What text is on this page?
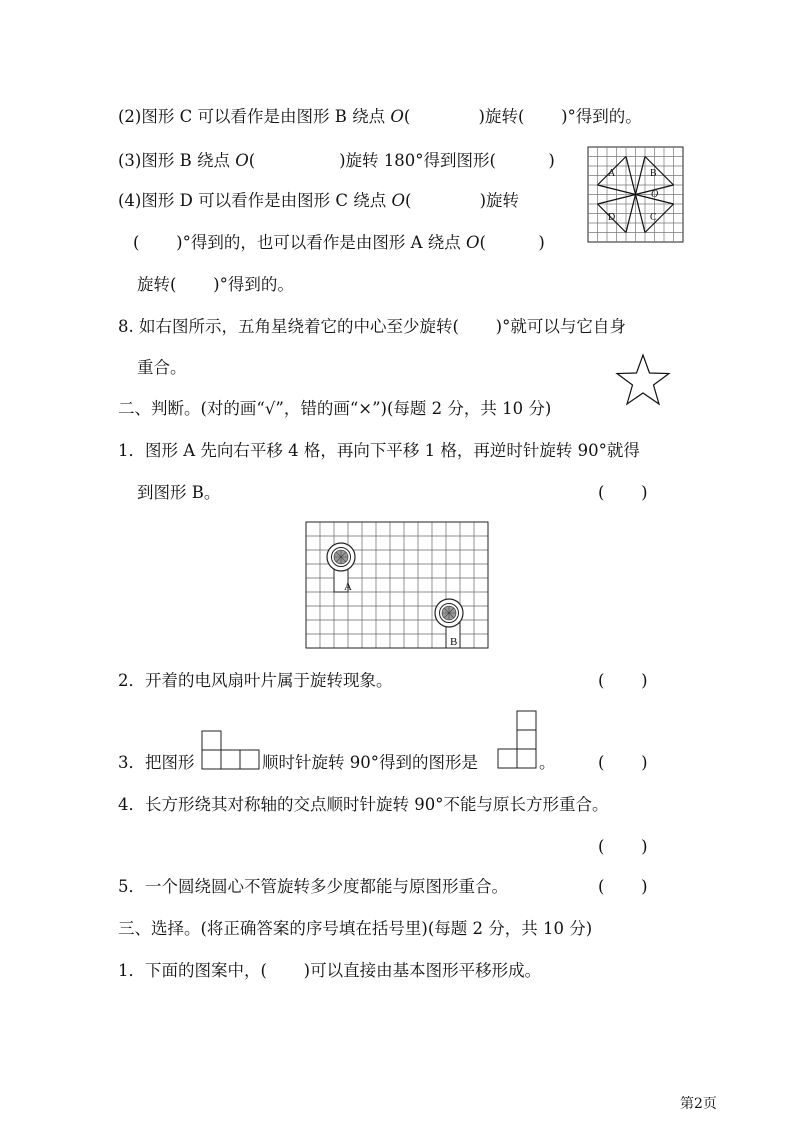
(2)图形 C 可以看作是由图形 B 绕点 O(             )旋转(       )°得到的。
(3)图形 B 绕点 O(                )旋转 180°得到图形(          )
(4)图形 D 可以看作是由图形 C 绕点 O(             )旋转
(       )°得到的，也可以看作是由图形 A 绕点 O(          )
旋转(       )°得到的。
A	B
C
D
O
8. 如右图所示，五角星绕着它的中心至少旋转(       )°就可以与它自身
重合。
二、判断。(对的画“√”，错的画“×”)(每题 2 分，共 10 分)
1．图形 A 先向右平移 4 格，再向下平移 1 格，再逆时针旋转 90°就得
到图形 B。	(       )
A
B
2．开着的电风扇叶片属于旋转现象。	(       )
3．把图形	顺时针旋转 90°得到的图形是	。	(       )
4．长方形绕其对称轴的交点顺时针旋转 90°不能与原长方形重合。
(       )
5．一个圆绕圆心不管旋转多少度都能与原图形重合。	(       )
三、选择。(将正确答案的序号填在括号里)(每题 2 分，共 10 分)
1．下面的图案中，(       )可以直接由基本图形平移形成。
第2页
